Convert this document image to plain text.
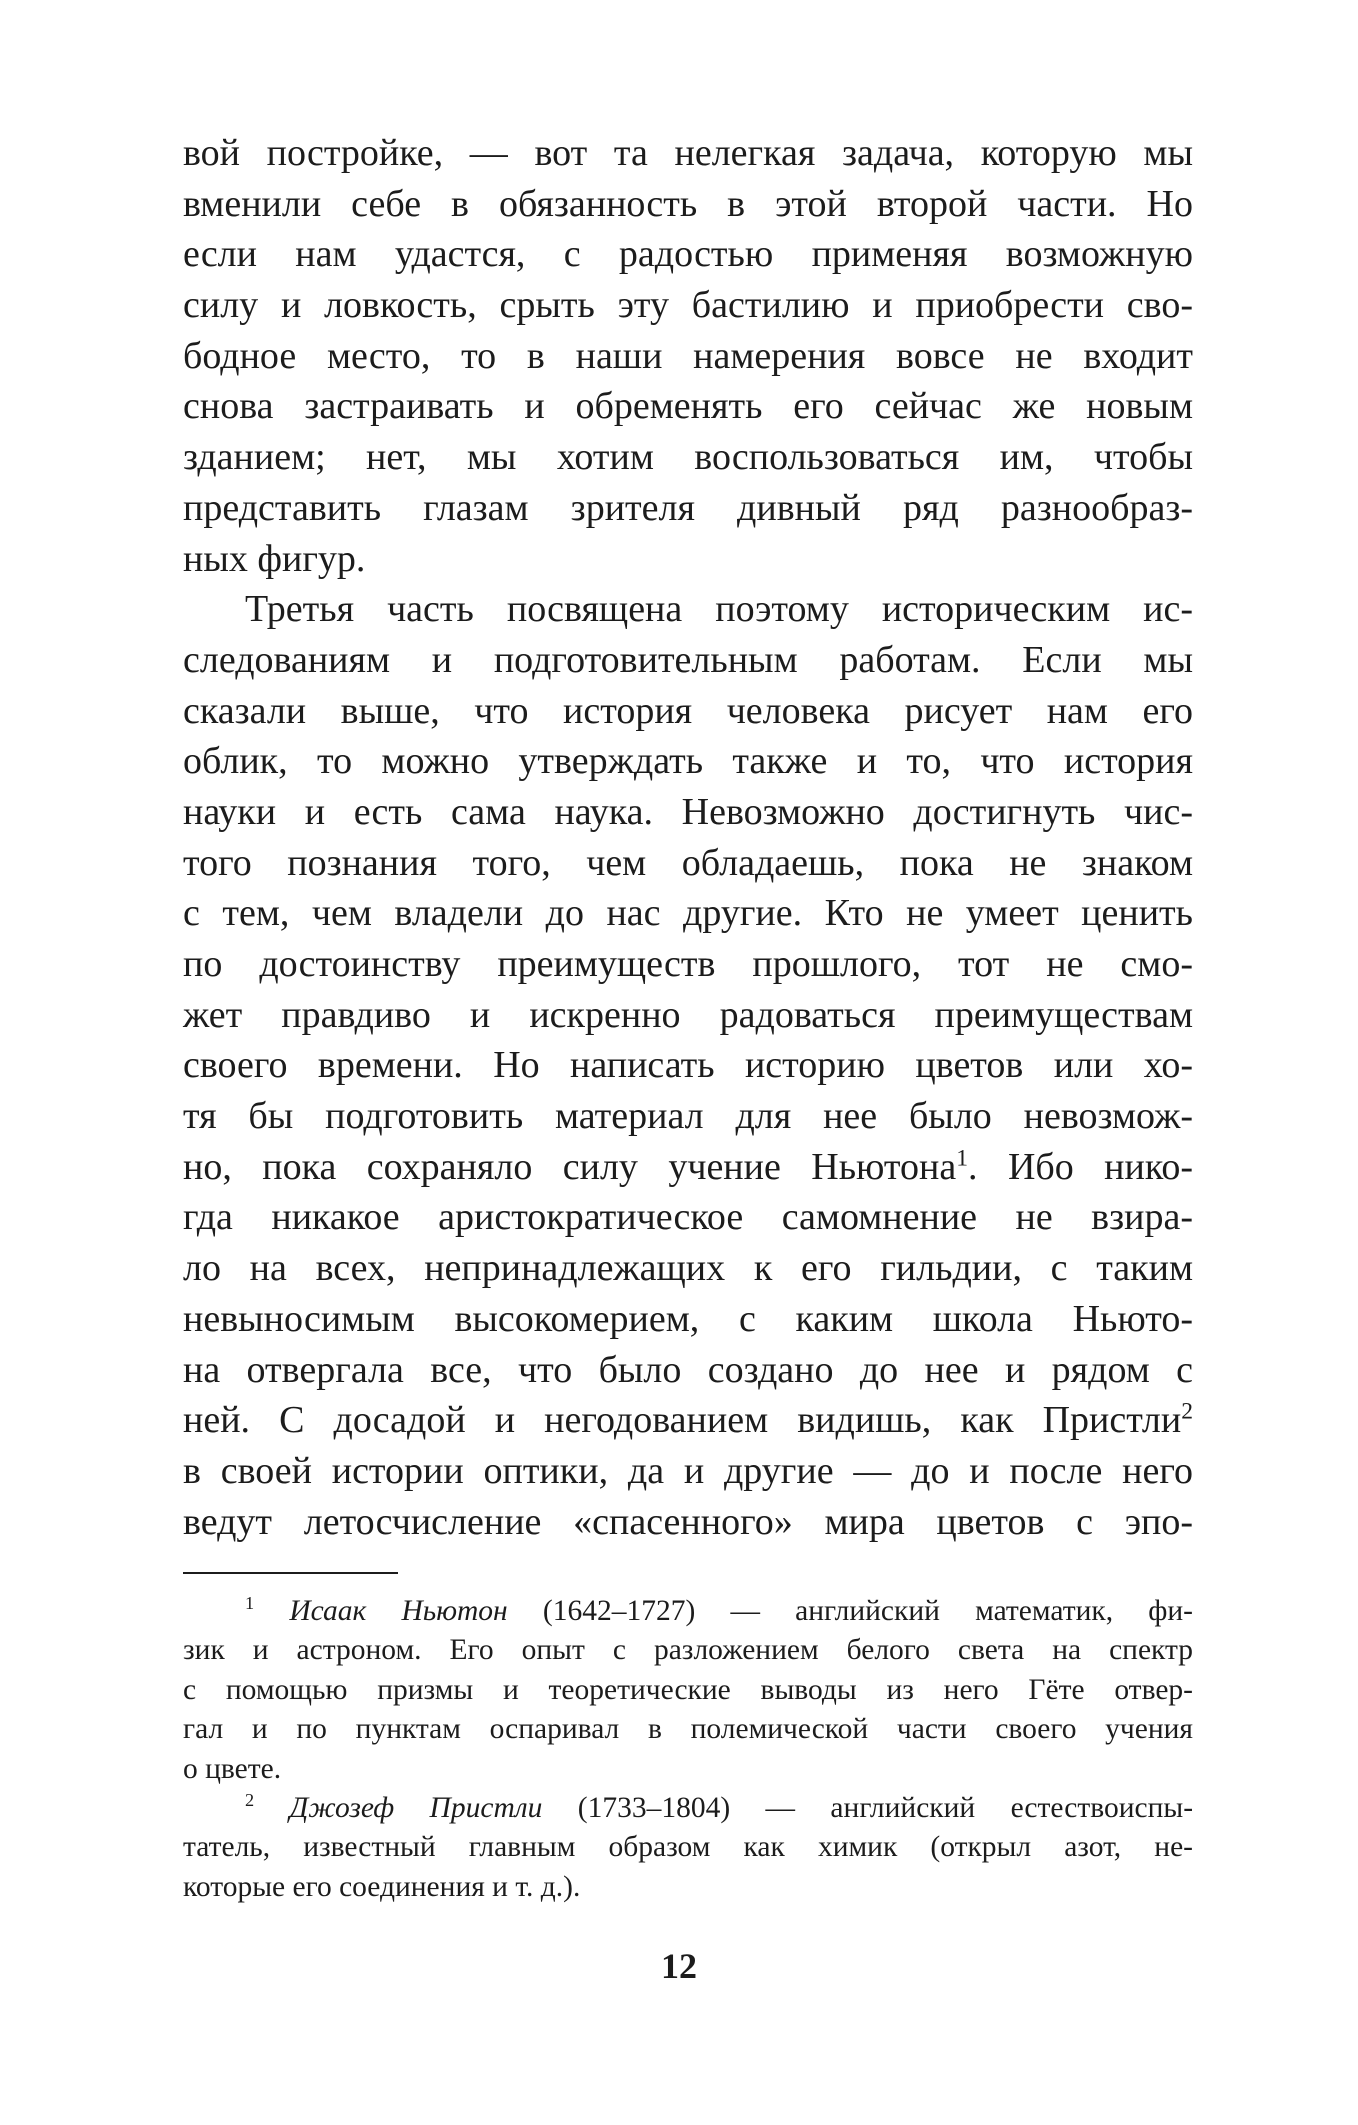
вой постройке, — вот та нелегкая задача, которую мы
вменили себе в обязанность в этой второй части. Но
если нам удастся, с радостью применяя возможную
силу и ловкость, срыть эту бастилию и приобрести сво-
бодное место, то в наши намерения вовсе не входит
снова застраивать и обременять его сейчас же новым
зданием; нет, мы хотим воспользоваться им, чтобы
представить глазам зрителя дивный ряд разнообраз-
ных фигур.
Третья часть посвящена поэтому историческим ис-
следованиям и подготовительным работам. Если мы
сказали выше, что история человека рисует нам его
облик, то можно утверждать также и то, что история
науки и есть сама наука. Невозможно достигнуть чис-
того познания того, чем обладаешь, пока не знаком
с тем, чем владели до нас другие. Кто не умеет ценить
по достоинству преимуществ прошлого, тот не смо-
жет правдиво и искренно радоваться преимуществам
своего времени. Но написать историю цветов или хо-
тя бы подготовить материал для нее было невозмож-
но, пока сохраняло силу учение Ньютона$^1$. Ибо нико-
гда никакое аристократическое самомнение не взира-
ло на всех, непринадлежащих к его гильдии, с таким
невыносимым высокомерием, с каким школа Ньюто-
на отвергала все, что было создано до нее и рядом с
ней. С досадой и негодованием видишь, как Пристли$^2$
в своей истории оптики, да и другие — до и после него
ведут летосчисление «спасенного» мира цветов с эпо-
$^1$ Исаак Ньютон (1642–1727) — английский математик, фи-
зик и астроном. Его опыт с разложением белого света на спектр
с помощью призмы и теоретические выводы из него Гёте отвер-
гал и по пунктам оспаривал в полемической части своего учения
о цвете.
$^2$ Джозеф Пристли (1733–1804) — английский естествоиспы-
татель, известный главным образом как химик (открыл азот, не-
которые его соединения и т. д.).
12
